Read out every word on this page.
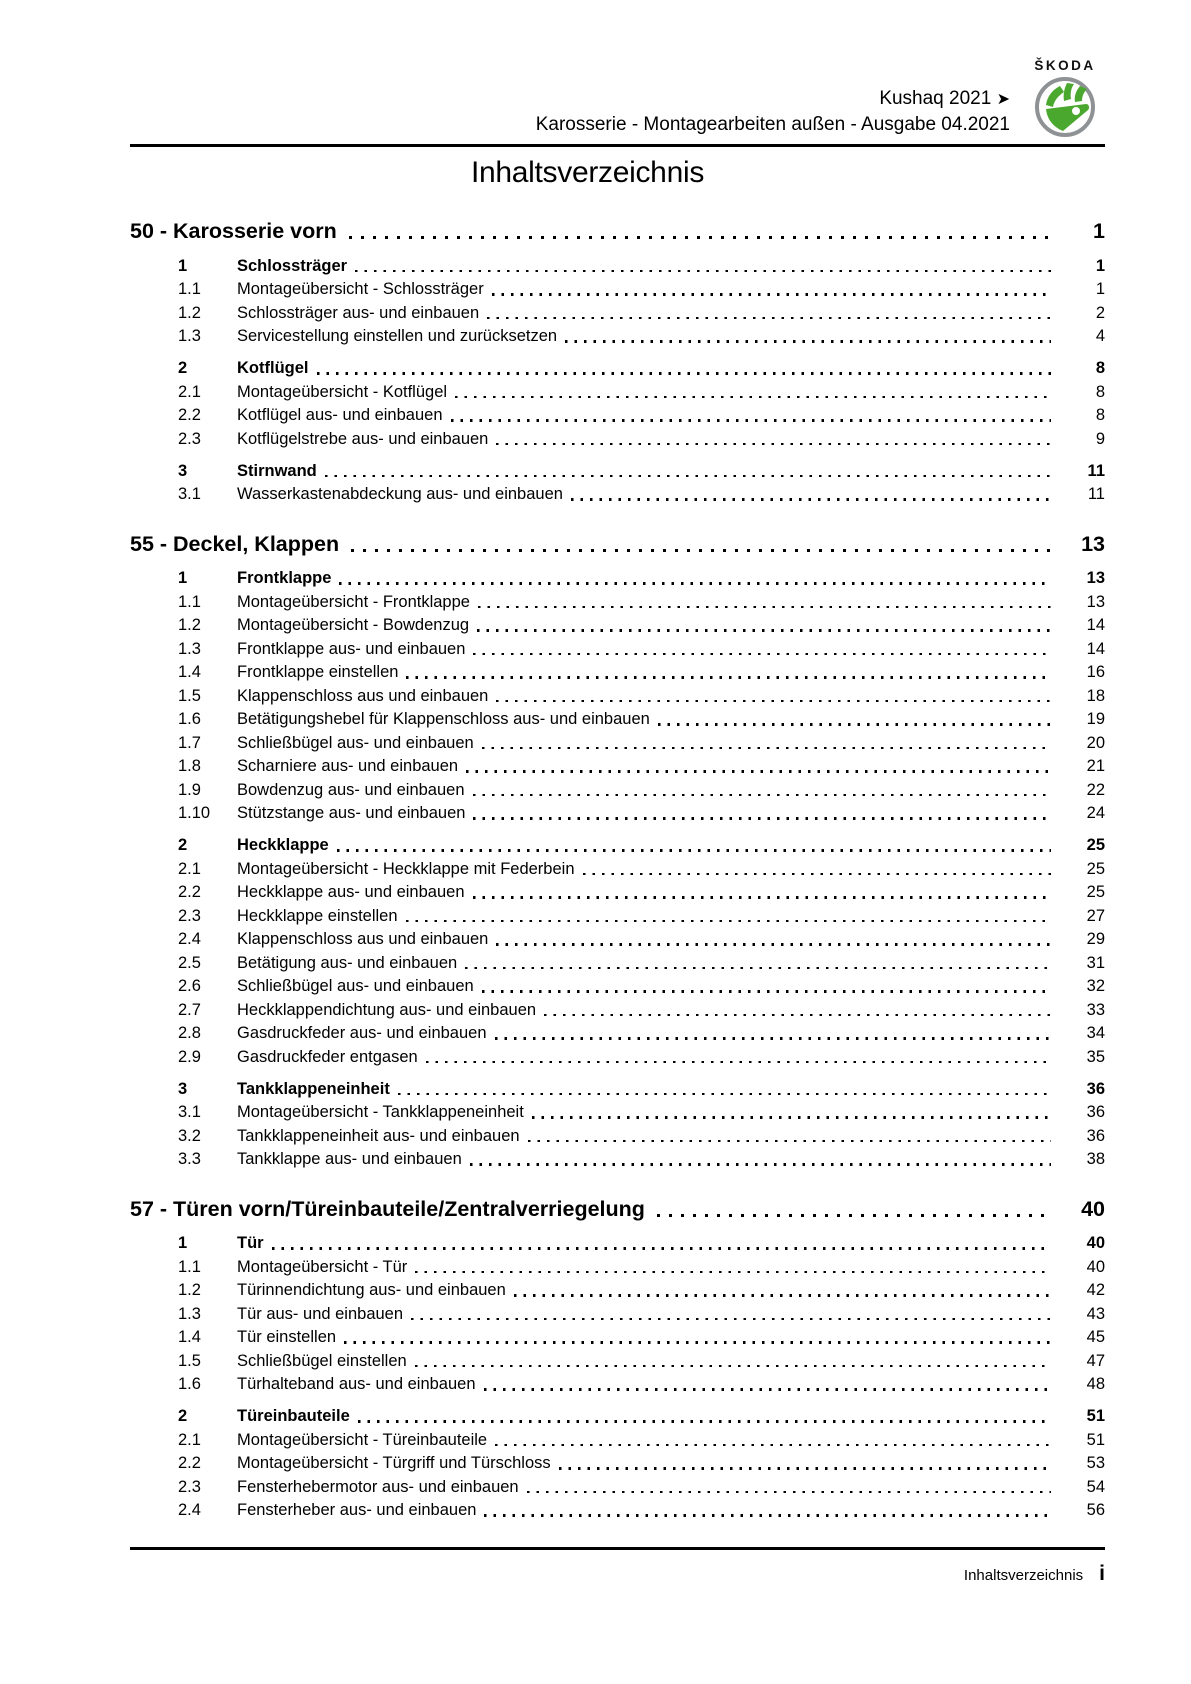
Kushaq 2021 ➤
Karosserie - Montagearbeiten außen - Ausgabe 04.2021
ŠKODA
Inhaltsverzeichnis
50 - Karosserie vorn	1
1	Schlossträger	1
1.1	Montageübersicht - Schlossträger	1
1.2	Schlossträger aus- und einbauen	2
1.3	Servicestellung einstellen und zurücksetzen	4
2	Kotflügel	8
2.1	Montageübersicht - Kotflügel	8
2.2	Kotflügel aus- und einbauen	8
2.3	Kotflügelstrebe aus- und einbauen	9
3	Stirnwand	11
3.1	Wasserkastenabdeckung aus- und einbauen	11
55 - Deckel, Klappen	13
1	Frontklappe	13
1.1	Montageübersicht - Frontklappe	13
1.2	Montageübersicht - Bowdenzug	14
1.3	Frontklappe aus- und einbauen	14
1.4	Frontklappe einstellen	16
1.5	Klappenschloss aus und einbauen	18
1.6	Betätigungshebel für Klappenschloss aus- und einbauen	19
1.7	Schließbügel aus- und einbauen	20
1.8	Scharniere aus- und einbauen	21
1.9	Bowdenzug aus- und einbauen	22
1.10	Stützstange aus- und einbauen	24
2	Heckklappe	25
2.1	Montageübersicht - Heckklappe mit Federbein	25
2.2	Heckklappe aus- und einbauen	25
2.3	Heckklappe einstellen	27
2.4	Klappenschloss aus und einbauen	29
2.5	Betätigung aus- und einbauen	31
2.6	Schließbügel aus- und einbauen	32
2.7	Heckklappendichtung aus- und einbauen	33
2.8	Gasdruckfeder aus- und einbauen	34
2.9	Gasdruckfeder entgasen	35
3	Tankklappeneinheit	36
3.1	Montageübersicht - Tankklappeneinheit	36
3.2	Tankklappeneinheit aus- und einbauen	36
3.3	Tankklappe aus- und einbauen	38
57 - Türen vorn/Türeinbauteile/Zentralverriegelung	40
1	Tür	40
1.1	Montageübersicht - Tür	40
1.2	Türinnendichtung aus- und einbauen	42
1.3	Tür aus- und einbauen	43
1.4	Tür einstellen	45
1.5	Schließbügel einstellen	47
1.6	Türhalteband aus- und einbauen	48
2	Türeinbauteile	51
2.1	Montageübersicht - Türeinbauteile	51
2.2	Montageübersicht - Türgriff und Türschloss	53
2.3	Fensterhebermotor aus- und einbauen	54
2.4	Fensterheber aus- und einbauen	56
Inhaltsverzeichnis i
